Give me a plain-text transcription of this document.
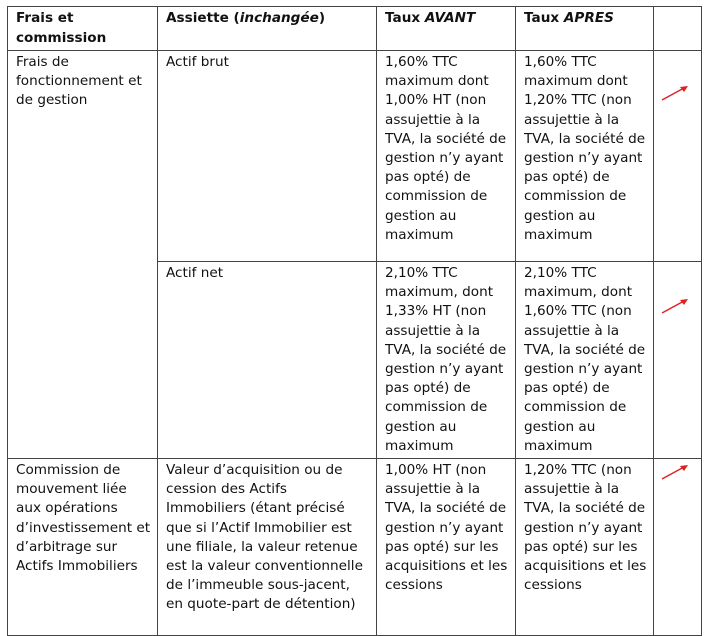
Frais et commission	Assiette (inchangée)	Taux AVANT	Taux APRES	
Frais de fonctionnement et de gestion	Actif brut	1,60% TTC maximum dont 1,00% HT (non assujettie à la TVA, la société de gestion n’y ayant pas opté) de commission de gestion au maximum	1,60% TTC maximum dont 1,20% TTC (non assujettie à la TVA, la société de gestion n’y ayant pas opté) de commission de gestion au maximum	

	Actif net	2,10% TTC maximum, dont 1,33% HT (non assujettie à la TVA, la société de gestion n’y ayant pas opté) de commission de gestion au maximum	2,10% TTC maximum, dont 1,60% TTC (non assujettie à la TVA, la société de gestion n’y ayant pas opté) de commission de gestion au maximum	

Commission de mouvement liée aux opérations d’investissement et d’arbitrage sur Actifs Immobiliers	Valeur d’acquisition ou de cession des Actifs Immobiliers (étant précisé que si l’Actif Immobilier est une filiale, la valeur retenue est la valeur conventionnelle de l’immeuble sous-jacent, en quote-part de détention)	1,00% HT (non assujettie à la TVA, la société de gestion n’y ayant pas opté) sur les acquisitions et les cessions	1,20% TTC (non assujettie à la TVA, la société de gestion n’y ayant pas opté) sur les acquisitions et les cessions	
